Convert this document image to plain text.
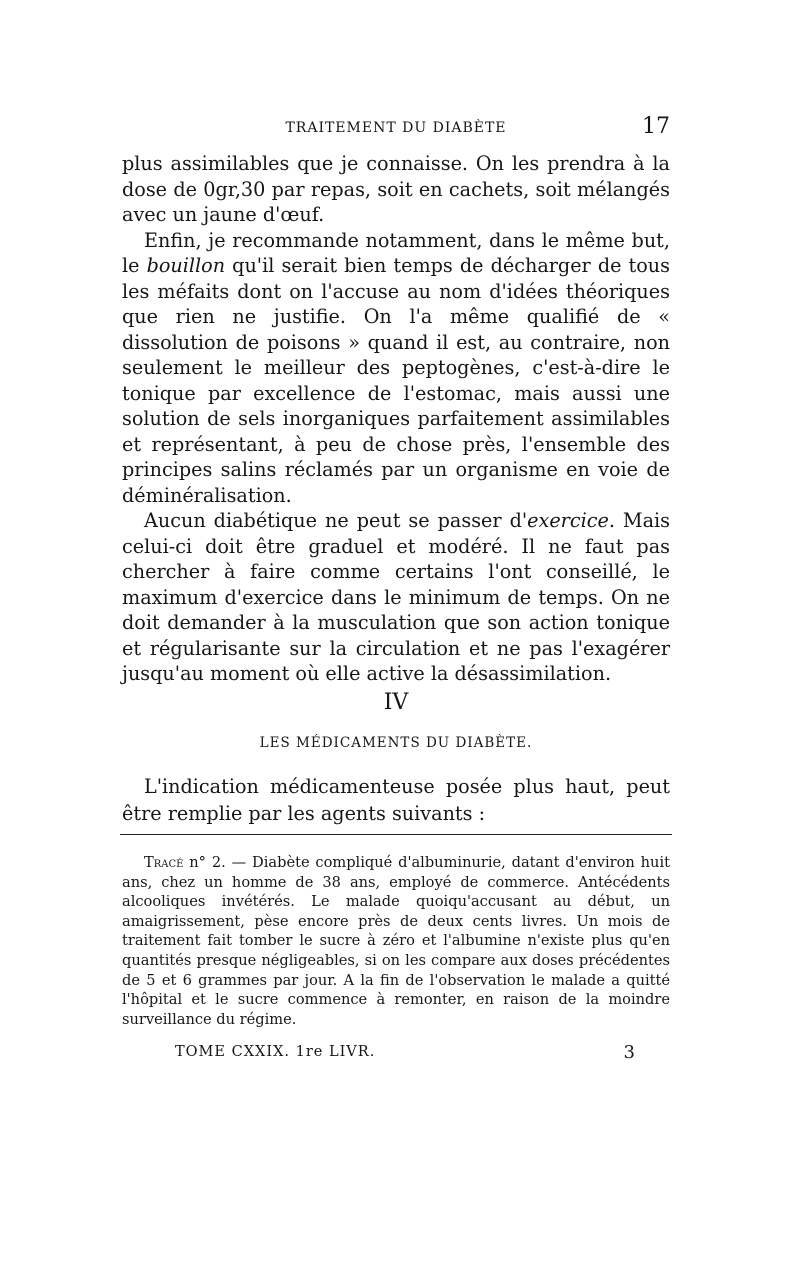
TRAITEMENT DU DIABÈTE	17

plus assimilables que je connaisse. On les prendra à la dose de 0gr,30 par repas, soit en cachets, soit mélangés avec un jaune d'œuf.

Enfin, je recommande notamment, dans le même but, le bouillon qu'il serait bien temps de décharger de tous les méfaits dont on l'accuse au nom d'idées théoriques que rien ne justifie. On l'a même qualifié de « dissolution de poisons » quand il est, au contraire, non seulement le meilleur des peptogènes, c'est-à-dire le tonique par excellence de l'estomac, mais aussi une solution de sels inorganiques parfaitement assimilables et représentant, à peu de chose près, l'ensemble des principes salins réclamés par un organisme en voie de déminéralisation.

Aucun diabétique ne peut se passer d'exercice. Mais celui-ci doit être graduel et modéré. Il ne faut pas chercher à faire comme certains l'ont conseillé, le maximum d'exercice dans le minimum de temps. On ne doit demander à la musculation que son action tonique et régularisante sur la circulation et ne pas l'exagérer jusqu'au moment où elle active la désassimilation.

IV
LES MÉDICAMENTS DU DIABÈTE.

L'indication médicamenteuse posée plus haut, peut être remplie par les agents suivants :

Tracé n° 2. — Diabète compliqué d'albuminurie, datant d'environ huit ans, chez un homme de 38 ans, employé de commerce. Antécédents alcooliques invétérés. Le malade quoiqu'accusant au début, un amaigrissement, pèse encore près de deux cents livres. Un mois de traitement fait tomber le sucre à zéro et l'albumine n'existe plus qu'en quantités presque négligeables, si on les compare aux doses précédentes de 5 et 6 grammes par jour. A la fin de l'observation le malade a quitté l'hôpital et le sucre commence à remonter, en raison de la moindre surveillance du régime.

TOME CXXIX. 1re LIVR.	3
